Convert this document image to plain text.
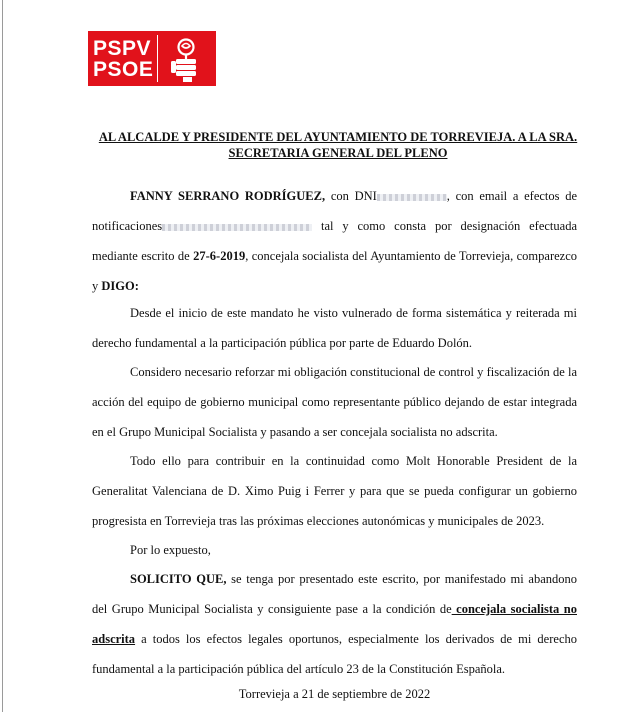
PSPV
PSOE
AL ALCALDE Y PRESIDENTE DEL AYUNTAMIENTO DE TORREVIEJA. A LA SRA. SECRETARIA GENERAL DEL PLENO

FANNY SERRANO RODRÍGUEZ, con DNI	, con email a efectos de notificaciones	tal y como consta por designación efectuada mediante escrito de 27-6-2019, concejala socialista del Ayuntamiento de Torrevieja, comparezco y DIGO:

Desde el inicio de este mandato he visto vulnerado de forma sistemática y reiterada mi derecho fundamental a la participación pública por parte de Eduardo Dolón.

Considero necesario reforzar mi obligación constitucional de control y fiscalización de la acción del equipo de gobierno municipal como representante público dejando de estar integrada en el Grupo Municipal Socialista y pasando a ser concejala socialista no adscrita.

Todo ello para contribuir en la continuidad como Molt Honorable President de la Generalitat Valenciana de D. Ximo Puig i Ferrer y para que se pueda configurar un gobierno progresista en Torrevieja tras las próximas elecciones autonómicas y municipales de 2023.

Por lo expuesto,

SOLICITO QUE, se tenga por presentado este escrito, por manifestado mi abandono del Grupo Municipal Socialista y consiguiente pase a la condición de concejala socialista no adscrita a todos los efectos legales oportunos, especialmente los derivados de mi derecho fundamental a la participación pública del artículo 23 de la Constitución Española.

Torrevieja a 21 de septiembre de 2022
